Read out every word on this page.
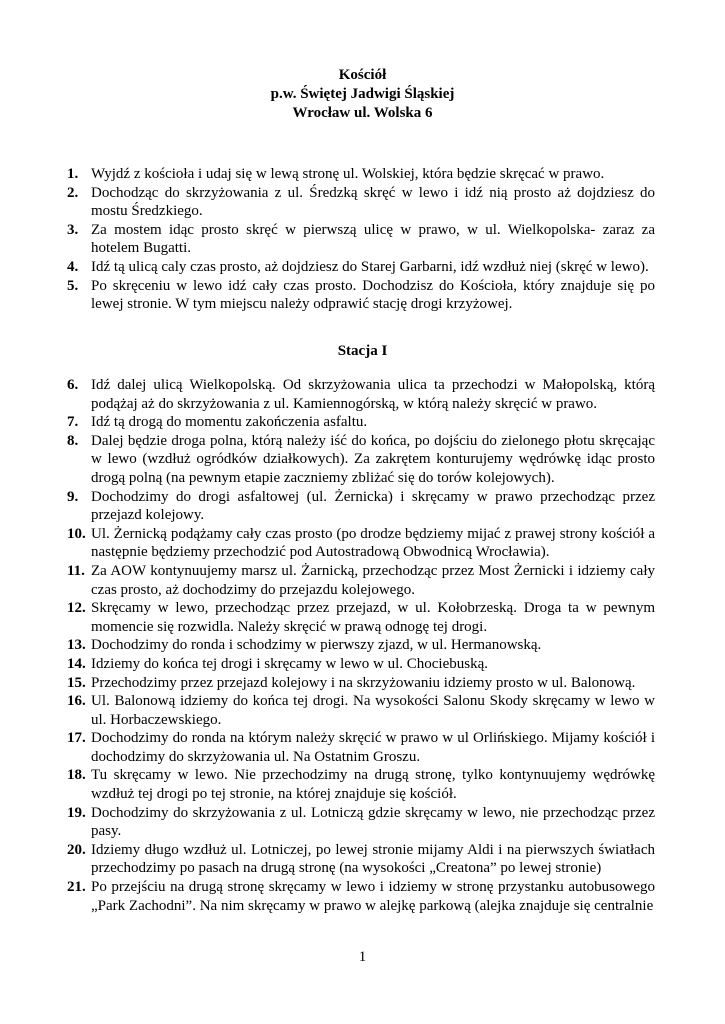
Kościół
p.w. Świętej Jadwigi Śląskiej
Wrocław ul. Wolska 6
1. Wyjdź z kościoła i udaj się w lewą stronę ul. Wolskiej, która będzie skręcać w prawo.
2. Dochodząc do skrzyżowania z ul. Średzką skręć w lewo i idź nią prosto aż dojdziesz do mostu Średzkiego.
3. Za mostem idąc prosto skręć w pierwszą ulicę w prawo, w ul. Wielkopolska- zaraz za hotelem Bugatti.
4. Idź tą ulicą caly czas prosto, aż dojdziesz do Starej Garbarni, idź wzdłuż niej (skręć w lewo).
5. Po skręceniu w lewo idź cały czas prosto. Dochodzisz do Kościoła, który znajduje się po lewej stronie. W tym miejscu należy odprawić stację drogi krzyżowej.
Stacja I
6. Idź dalej ulicą Wielkopolską. Od skrzyżowania ulica ta przechodzi w Małopolską, którą podążaj aż do skrzyżowania z ul. Kamiennogórską, w którą należy skręcić w prawo.
7. Idź tą drogą do momentu zakończenia asfaltu.
8. Dalej będzie droga polna, którą należy iść do końca, po dojściu do zielonego płotu skręcając w lewo (wzdłuż ogródków działkowych). Za zakrętem konturujemy wędrówkę idąc prosto drogą polną (na pewnym etapie zaczniemy zbliżać się do torów kolejowych).
9. Dochodzimy do drogi asfaltowej (ul. Żernicka) i skręcamy w prawo przechodząc przez przejazd kolejowy.
10. Ul. Żernicką podążamy cały czas prosto (po drodze będziemy mijać z prawej strony kościół a następnie będziemy przechodzić pod Autostradową Obwodnicą Wrocławia).
11. Za AOW kontynuujemy marsz ul. Żarnicką, przechodząc przez Most Żernicki i idziemy cały czas prosto, aż dochodzimy do przejazdu kolejowego.
12. Skręcamy w lewo, przechodząc przez przejazd, w ul. Kołobrzeską. Droga ta w pewnym momencie się rozwidla. Należy skręcić w prawą odnogę tej drogi.
13. Dochodzimy do ronda i schodzimy w pierwszy zjazd, w ul. Hermanowską.
14. Idziemy do końca tej drogi i skręcamy w lewo w ul. Chociebuską.
15. Przechodzimy przez przejazd kolejowy i na skrzyżowaniu idziemy prosto w ul. Balonową.
16. Ul. Balonową idziemy do końca tej drogi. Na wysokości Salonu Skody skręcamy w lewo w ul. Horbaczewskiego.
17. Dochodzimy do ronda na którym należy skręcić w prawo w ul Orlińskiego. Mijamy kościół i dochodzimy do skrzyżowania ul. Na Ostatnim Groszu.
18. Tu skręcamy w lewo. Nie przechodzimy na drugą stronę, tylko kontynuujemy wędrówkę wzdłuż tej drogi po tej stronie, na której znajduje się kościół.
19. Dochodzimy do skrzyżowania z ul. Lotniczą gdzie skręcamy w lewo, nie przechodząc przez pasy.
20. Idziemy długo wzdłuż ul. Lotniczej, po lewej stronie mijamy Aldi i na pierwszych światłach przechodzimy po pasach na drugą stronę (na wysokości „Creatona” po lewej stronie)
21. Po przejściu na drugą stronę skręcamy w lewo i idziemy w stronę przystanku autobusowego „Park Zachodni”. Na nim skręcamy w prawo w alejkę parkową (alejka znajduje się centralnie
1
